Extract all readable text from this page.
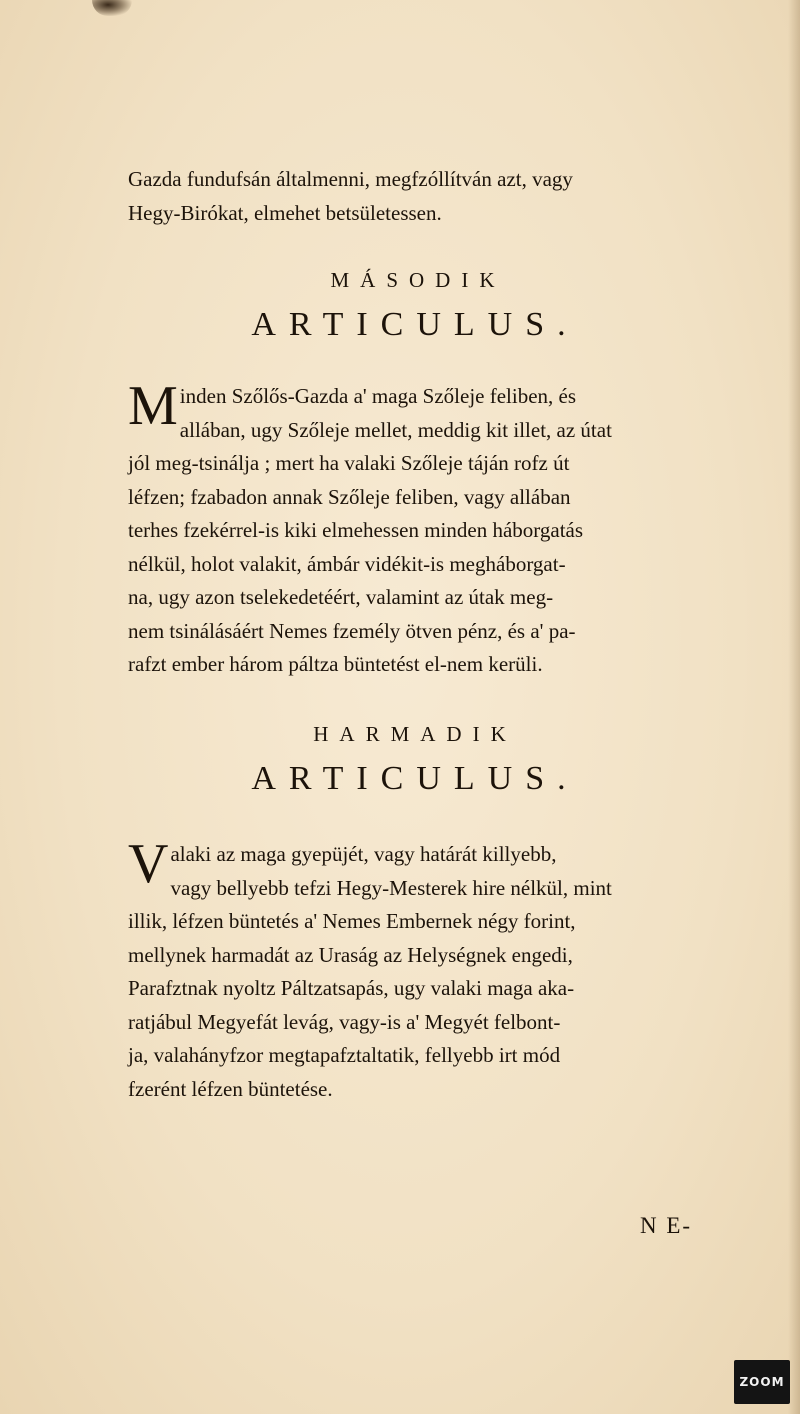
Gazda fundufsán általmenni, megfzóllítván azt, vagy
Hegy-Birókat, elmehet betsületessen.
MÁSODIK
ARTICULUS.
M inden Szőlős-Gazda a' maga Szőleje feliben, és
allában, ugy Szőleje mellet, meddig kit illet, az útat
jól meg-tsinálja ; mert ha valaki Szőleje táján rofz út
léfzen; fzabadon annak Szőleje feliben, vagy allában
terhes fzekérrel-is kiki elmehessen minden háborgatás
nélkül, holot valakit, ámbár vidékit-is megháborgat-
na, ugy azon tselekedetéért, valamint az útak meg-
nem tsinálásáért Nemes fzemély ötven pénz, és a' pa-
rafzt ember három páltza büntetést el-nem kerüli.
HARMADIK
ARTICULUS.
V alaki az maga gyepüjét, vagy határát killyebb,
vagy bellyebb tefzi Hegy-Mesterek hire nélkül, mint
illik, léfzen büntetés a' Nemes Embernek négy forint,
mellynek harmadát az Uraság az Helységnek engedi,
Parafztnak nyoltz Páltzatsapás, ugy valaki maga aka-
ratjábul Megyefát levág, vagy-is a' Megyét felbont-
ja, valahányfzor megtapafztaltatik, fellyebb irt mód
fzerént léfzen büntetése.
N E-
ZOOM
